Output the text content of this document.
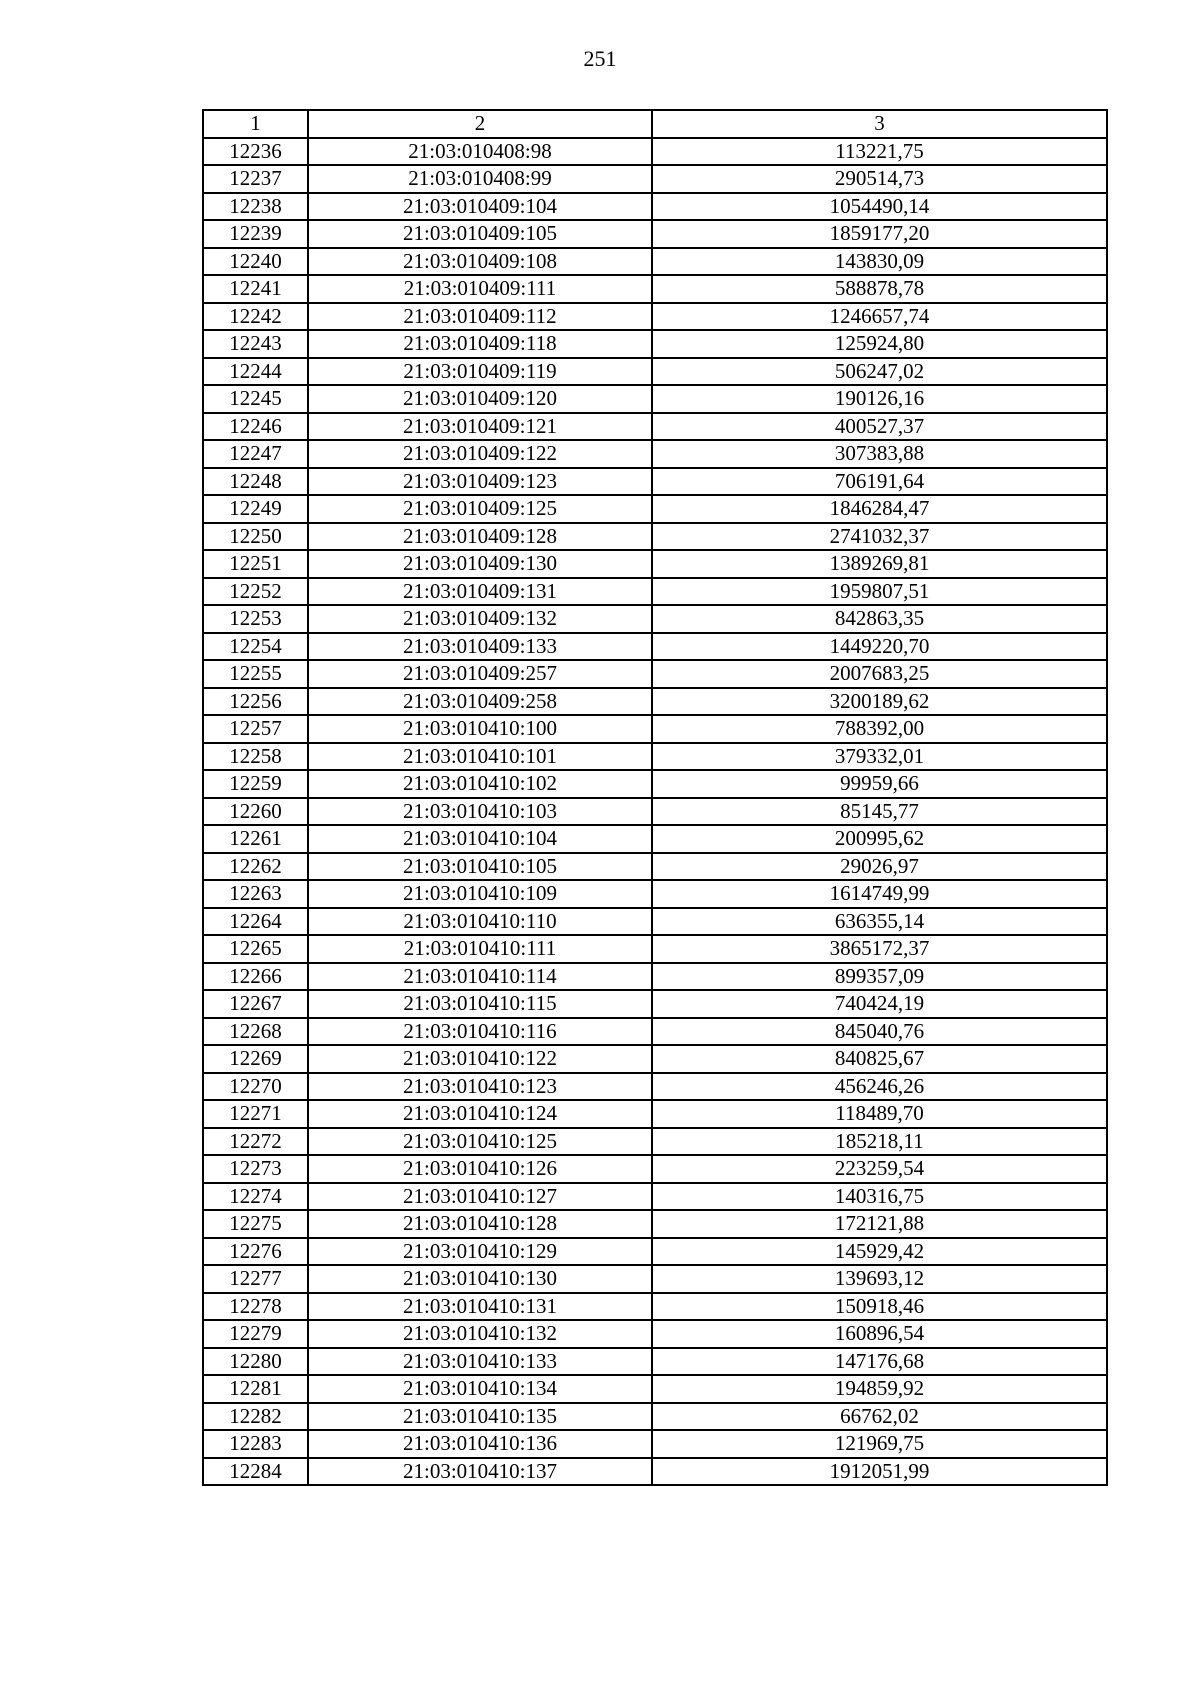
251
1	2	3
12236	21:03:010408:98	113221,75
12237	21:03:010408:99	290514,73
12238	21:03:010409:104	1054490,14
12239	21:03:010409:105	1859177,20
12240	21:03:010409:108	143830,09
12241	21:03:010409:111	588878,78
12242	21:03:010409:112	1246657,74
12243	21:03:010409:118	125924,80
12244	21:03:010409:119	506247,02
12245	21:03:010409:120	190126,16
12246	21:03:010409:121	400527,37
12247	21:03:010409:122	307383,88
12248	21:03:010409:123	706191,64
12249	21:03:010409:125	1846284,47
12250	21:03:010409:128	2741032,37
12251	21:03:010409:130	1389269,81
12252	21:03:010409:131	1959807,51
12253	21:03:010409:132	842863,35
12254	21:03:010409:133	1449220,70
12255	21:03:010409:257	2007683,25
12256	21:03:010409:258	3200189,62
12257	21:03:010410:100	788392,00
12258	21:03:010410:101	379332,01
12259	21:03:010410:102	99959,66
12260	21:03:010410:103	85145,77
12261	21:03:010410:104	200995,62
12262	21:03:010410:105	29026,97
12263	21:03:010410:109	1614749,99
12264	21:03:010410:110	636355,14
12265	21:03:010410:111	3865172,37
12266	21:03:010410:114	899357,09
12267	21:03:010410:115	740424,19
12268	21:03:010410:116	845040,76
12269	21:03:010410:122	840825,67
12270	21:03:010410:123	456246,26
12271	21:03:010410:124	118489,70
12272	21:03:010410:125	185218,11
12273	21:03:010410:126	223259,54
12274	21:03:010410:127	140316,75
12275	21:03:010410:128	172121,88
12276	21:03:010410:129	145929,42
12277	21:03:010410:130	139693,12
12278	21:03:010410:131	150918,46
12279	21:03:010410:132	160896,54
12280	21:03:010410:133	147176,68
12281	21:03:010410:134	194859,92
12282	21:03:010410:135	66762,02
12283	21:03:010410:136	121969,75
12284	21:03:010410:137	1912051,99
